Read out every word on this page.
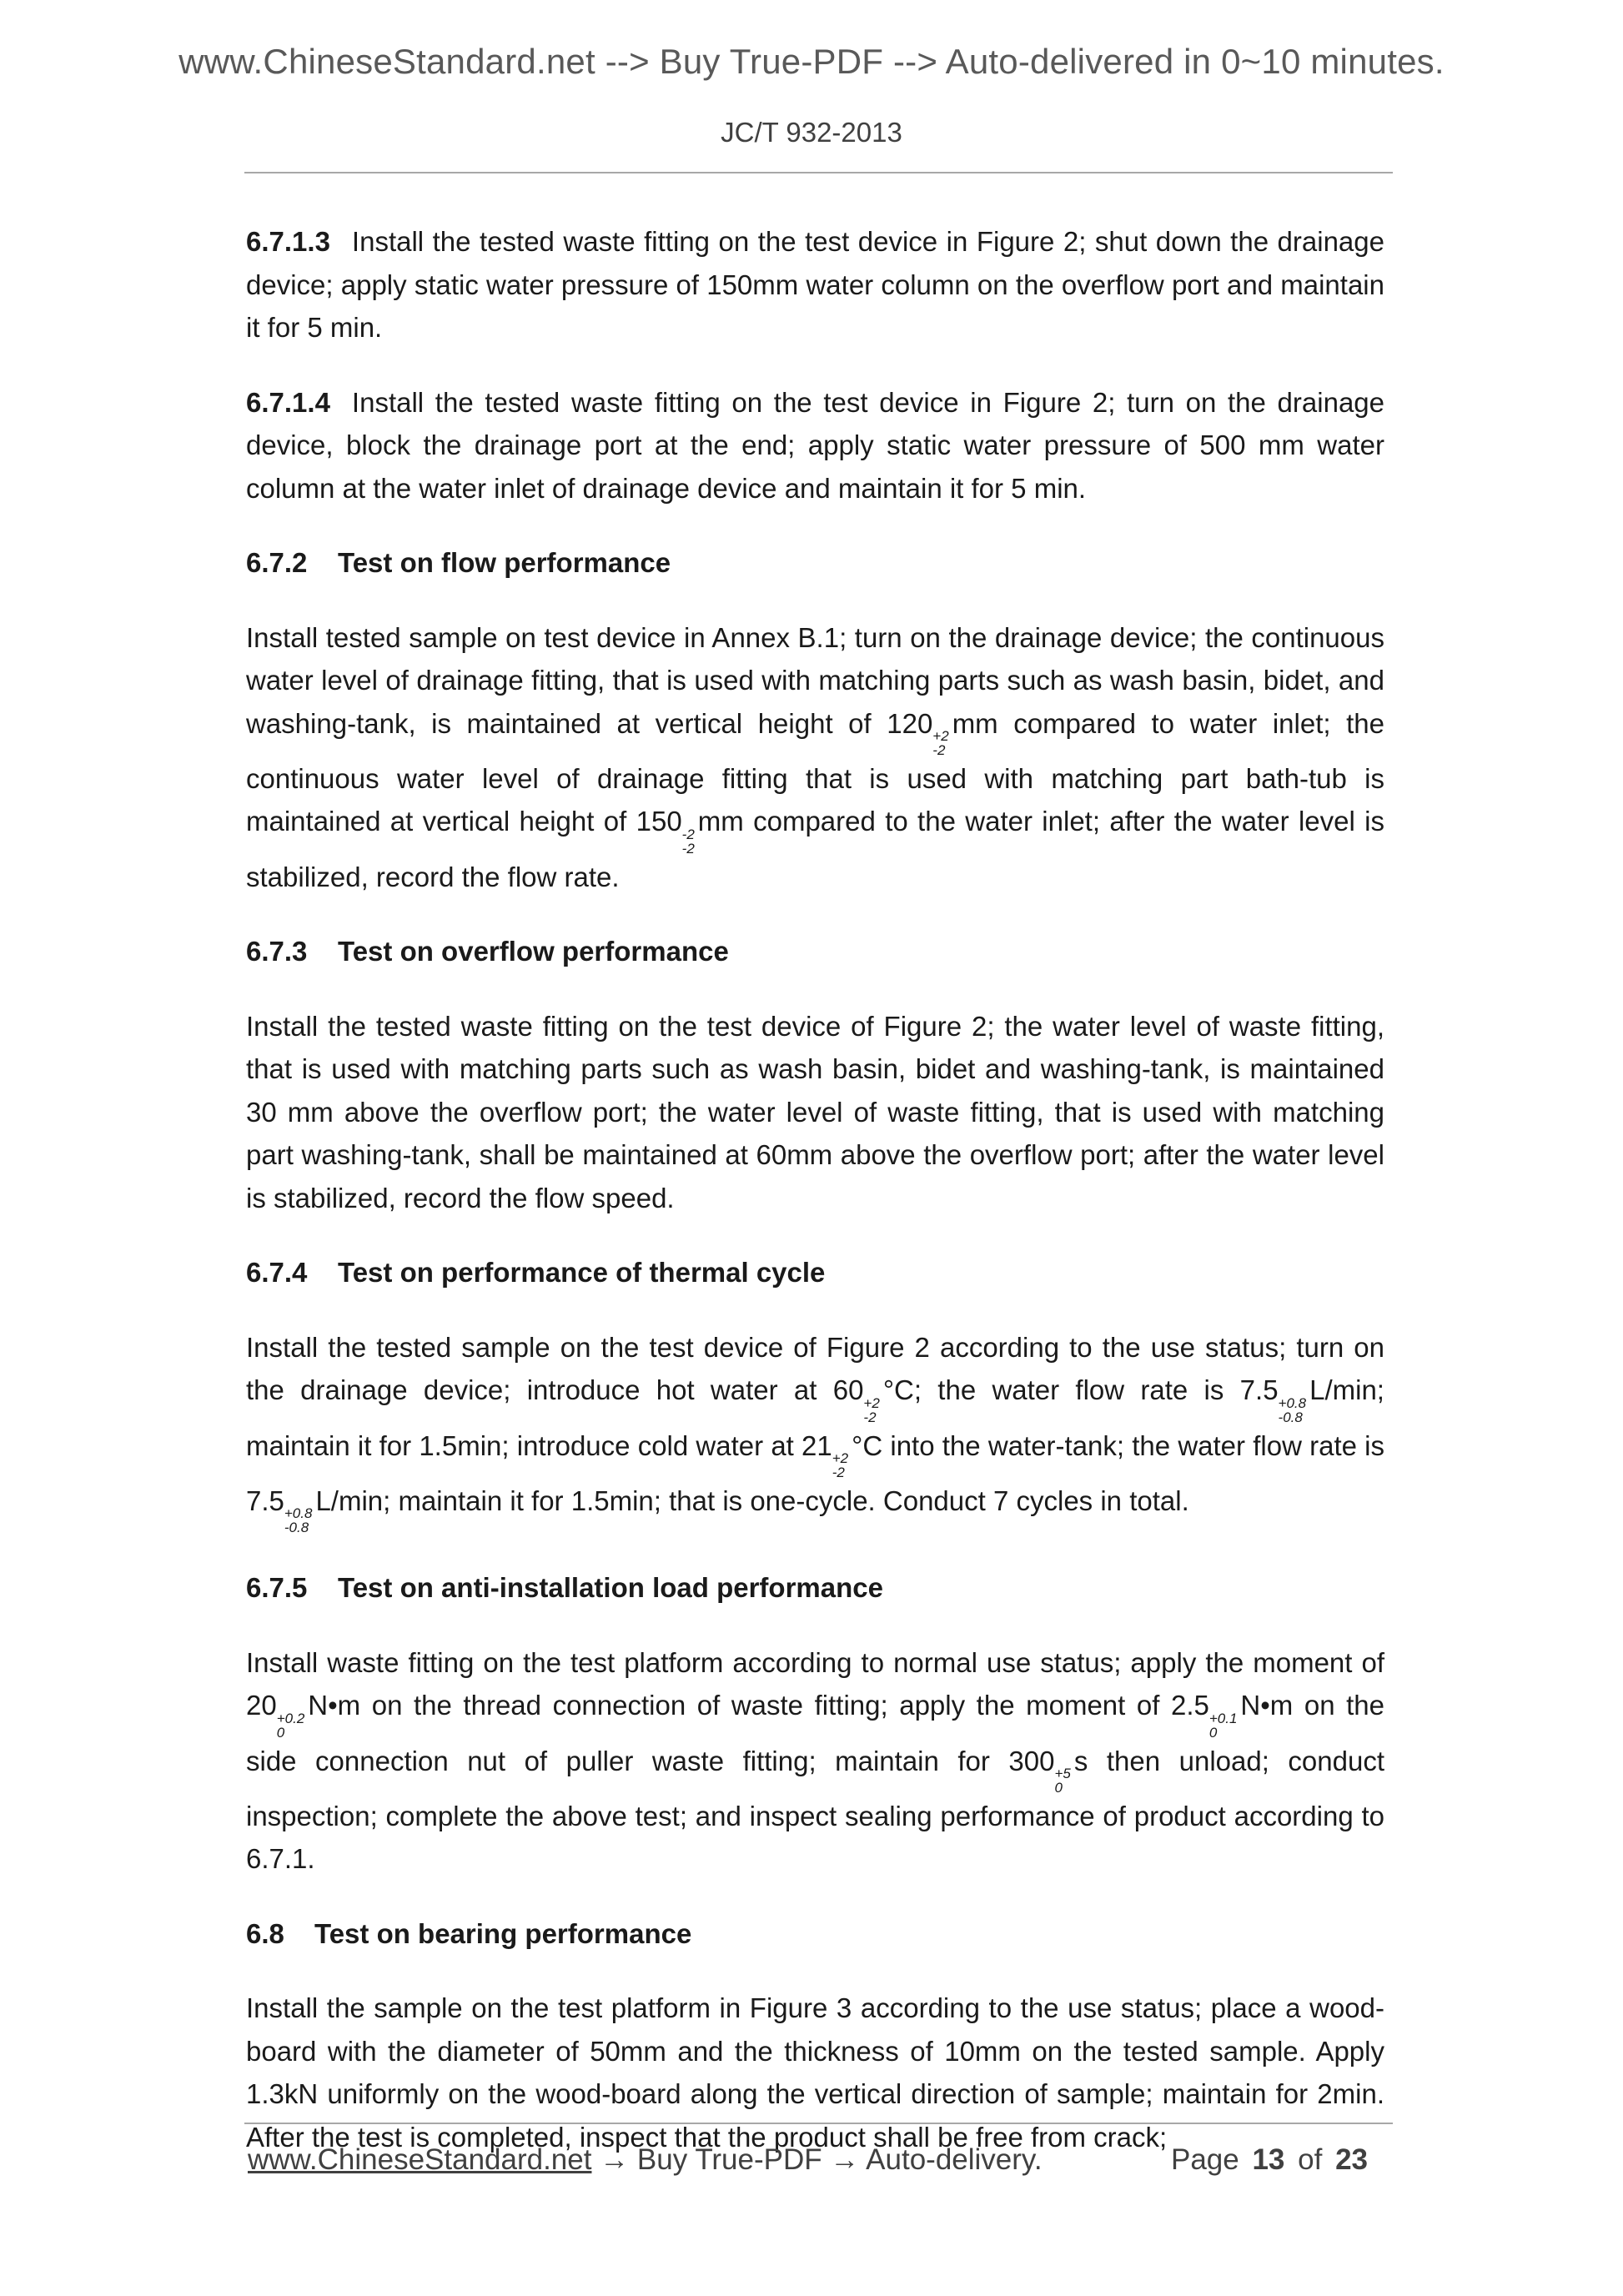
www.ChineseStandard.net --> Buy True-PDF --> Auto-delivered in 0~10 minutes.
JC/T 932-2013

6.7.1.3 Install the tested waste fitting on the test device in Figure 2; shut down the drainage device; apply static water pressure of 150mm water column on the overflow port and maintain it for 5 min.

6.7.1.4 Install the tested waste fitting on the test device in Figure 2; turn on the drainage device, block the drainage port at the end; apply static water pressure of 500 mm water column at the water inlet of drainage device and maintain it for 5 min.

6.7.2 Test on flow performance

Install tested sample on test device in Annex B.1; turn on the drainage device; the continuous water level of drainage fitting, that is used with matching parts such as wash basin, bidet, and washing-tank, is maintained at vertical height of 120 +2
-2
mm compared to water inlet; the continuous water level of drainage fitting that is used with matching part bath-tub is maintained at vertical height of 150 -2
-2
mm compared to the water inlet; after the water level is stabilized, record the flow rate.

6.7.3 Test on overflow performance

Install the tested waste fitting on the test device of Figure 2; the water level of waste fitting, that is used with matching parts such as wash basin, bidet and washing-tank, is maintained 30 mm above the overflow port; the water level of waste fitting, that is used with matching part washing-tank, shall be maintained at 60mm above the overflow port; after the water level is stabilized, record the flow speed.

6.7.4 Test on performance of thermal cycle

Install the tested sample on the test device of Figure 2 according to the use status; turn on the drainage device; introduce hot water at 60 +2
-2
°C; the water flow rate is 7.5 +0.8
-0.8
L/min; maintain it for 1.5min; introduce cold water at 21 +2
-2
°C into the water-tank; the water flow rate is 7.5 +0.8
-0.8
L/min; maintain it for 1.5min; that is one-cycle. Conduct 7 cycles in total.

6.7.5 Test on anti-installation load performance

Install waste fitting on the test platform according to normal use status; apply the moment of 20 +0.2
0
N•m on the thread connection of waste fitting; apply the moment of 2.5 +0.1
0
N•m on the side connection nut of puller waste fitting; maintain for 300 +5
0
s then unload; conduct inspection; complete the above test; and inspect sealing performance of product according to 6.7.1.

6.8 Test on bearing performance

Install the sample on the test platform in Figure 3 according to the use status; place a wood-board with the diameter of 50mm and the thickness of 10mm on the tested sample. Apply 1.3kN uniformly on the wood-board along the vertical direction of sample; maintain for 2min. After the test is completed, inspect that the product shall be free from crack;

www.ChineseStandard.net → Buy True-PDF → Auto-delivery.	Page 13 of 23
